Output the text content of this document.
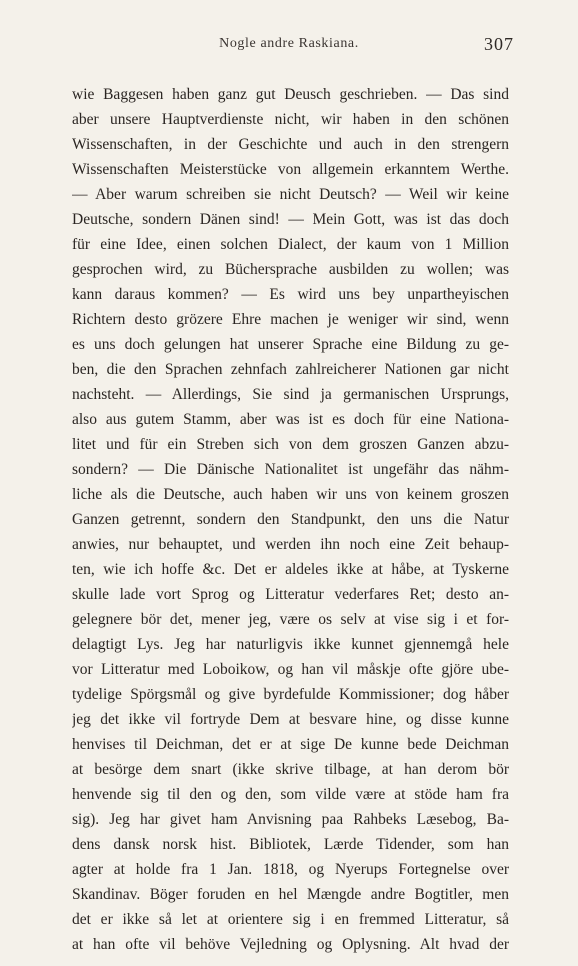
Nogle andre Raskiana.	307
wie Baggesen haben ganz gut Deusch geschrieben. — Das sind
aber unsere Hauptverdienste nicht, wir haben in den schönen
Wissenschaften, in der Geschichte und auch in den strengern
Wissenschaften Meisterstücke von allgemein erkanntem Werthe.
— Aber warum schreiben sie nicht Deutsch? — Weil wir keine
Deutsche, sondern Dänen sind! — Mein Gott, was ist das doch
für eine Idee, einen solchen Dialect, der kaum von 1 Million
gesprochen wird, zu Büchersprache ausbilden zu wollen; was
kann daraus kommen? — Es wird uns bey unpartheyischen
Richtern desto grözere Ehre machen je weniger wir sind, wenn
es uns doch gelungen hat unserer Sprache eine Bildung zu ge-
ben, die den Sprachen zehnfach zahlreicherer Nationen gar nicht
nachsteht. — Allerdings, Sie sind ja germanischen Ursprungs,
also aus gutem Stamm, aber was ist es doch für eine Nationa-
litet und für ein Streben sich von dem groszen Ganzen abzu-
sondern? — Die Dänische Nationalitet ist ungefähr das nähm-
liche als die Deutsche, auch haben wir uns von keinem groszen
Ganzen getrennt, sondern den Standpunkt, den uns die Natur
anwies, nur behauptet, und werden ihn noch eine Zeit behaup-
ten, wie ich hoffe &c. Det er aldeles ikke at håbe, at Tyskerne
skulle lade vort Sprog og Litteratur vederfares Ret; desto an-
gelegnere bör det, mener jeg, være os selv at vise sig i et for-
delagtigt Lys. Jeg har naturligvis ikke kunnet gjennemgå hele
vor Litteratur med Loboikow, og han vil måskje ofte gjöre ube-
tydelige Spörgsmål og give byrdefulde Kommissioner; dog håber
jeg det ikke vil fortryde Dem at besvare hine, og disse kunne
henvises til Deichman, det er at sige De kunne bede Deichman
at besörge dem snart (ikke skrive tilbage, at han derom bör
henvende sig til den og den, som vilde være at stöde ham fra
sig). Jeg har givet ham Anvisning paa Rahbeks Læsebog, Ba-
dens dansk norsk hist. Bibliotek, Lærde Tidender, som han
agter at holde fra 1 Jan. 1818, og Nyerups Fortegnelse over
Skandinav. Böger foruden en hel Mængde andre Bogtitler, men
det er ikke så let at orientere sig i en fremmed Litteratur, så
at han ofte vil behöve Vejledning og Oplysning. Alt hvad der
